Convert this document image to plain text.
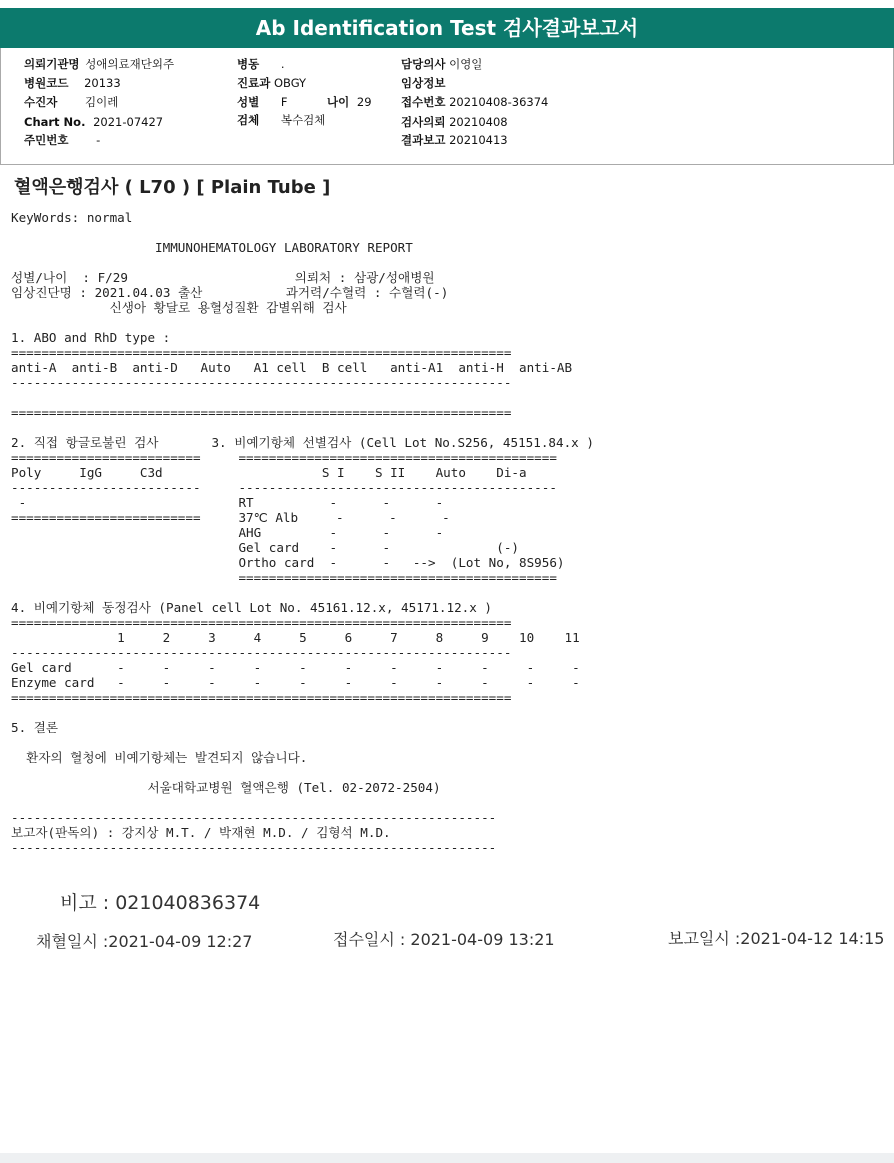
Ab Identification Test 검사결과보고서
의뢰기관명 성애의료재단외주	병동 .	담당의사 이영일
병원코드 20133	진료과 OBGY	임상정보
수진자 김이레	성별 F	나이 29	접수번호 20210408-36374
Chart No. 2021-07427	검체 복수검체	검사의뢰 20210408
주민번호 -	결과보고 20210413
혈액은행검사 ( L70 ) [ Plain Tube ]
KeyWords: normal

IMMUNOHEMATOLOGY LABORATORY REPORT

성별/나이  : F/29                      의뢰처 : 삼광/성애병원
임상진단명 : 2021.04.03 출산           과거력/수혈력 : 수혈력(-)
신생아 황달로 용혈성질환 감별위해 검사

1. ABO and RhD type :
==================================================================
anti-A  anti-B  anti-D   Auto   A1 cell  B cell   anti-A1  anti-H  anti-AB
------------------------------------------------------------------

==================================================================

2. 직접 항글로불린 검사       3. 비예기항체 선별검사 (Cell Lot No.S256, 45151.84.x )
=========================     ==========================================
Poly     IgG     C3d                     S I    S II    Auto    Di-a
-------------------------     ------------------------------------------
-                            RT          -      -      -
=========================     37℃ Alb     -      -      -
AHG         -      -      -
Gel card    -      -              (-)
Ortho card  -      -   -->  (Lot No, 8S956)
==========================================

4. 비예기항체 동정검사 (Panel cell Lot No. 45161.12.x, 45171.12.x )
==================================================================
1     2     3     4     5     6     7     8     9    10    11
------------------------------------------------------------------
Gel card      -     -     -     -     -     -     -     -     -     -     -
Enzyme card   -     -     -     -     -     -     -     -     -     -     -
==================================================================

5. 결론

환자의 혈청에 비예기항체는 발견되지 않습니다.

서울대학교병원 혈액은행 (Tel. 02-2072-2504)

----------------------------------------------------------------
보고자(판독의) : 강지상 M.T. / 박재현 M.D. / 김형석 M.D.
----------------------------------------------------------------

비고 : 021040836374
채혈일시 :2021-04-09 12:27	접수일시 : 2021-04-09 13:21	보고일시 :2021-04-12 14:15
